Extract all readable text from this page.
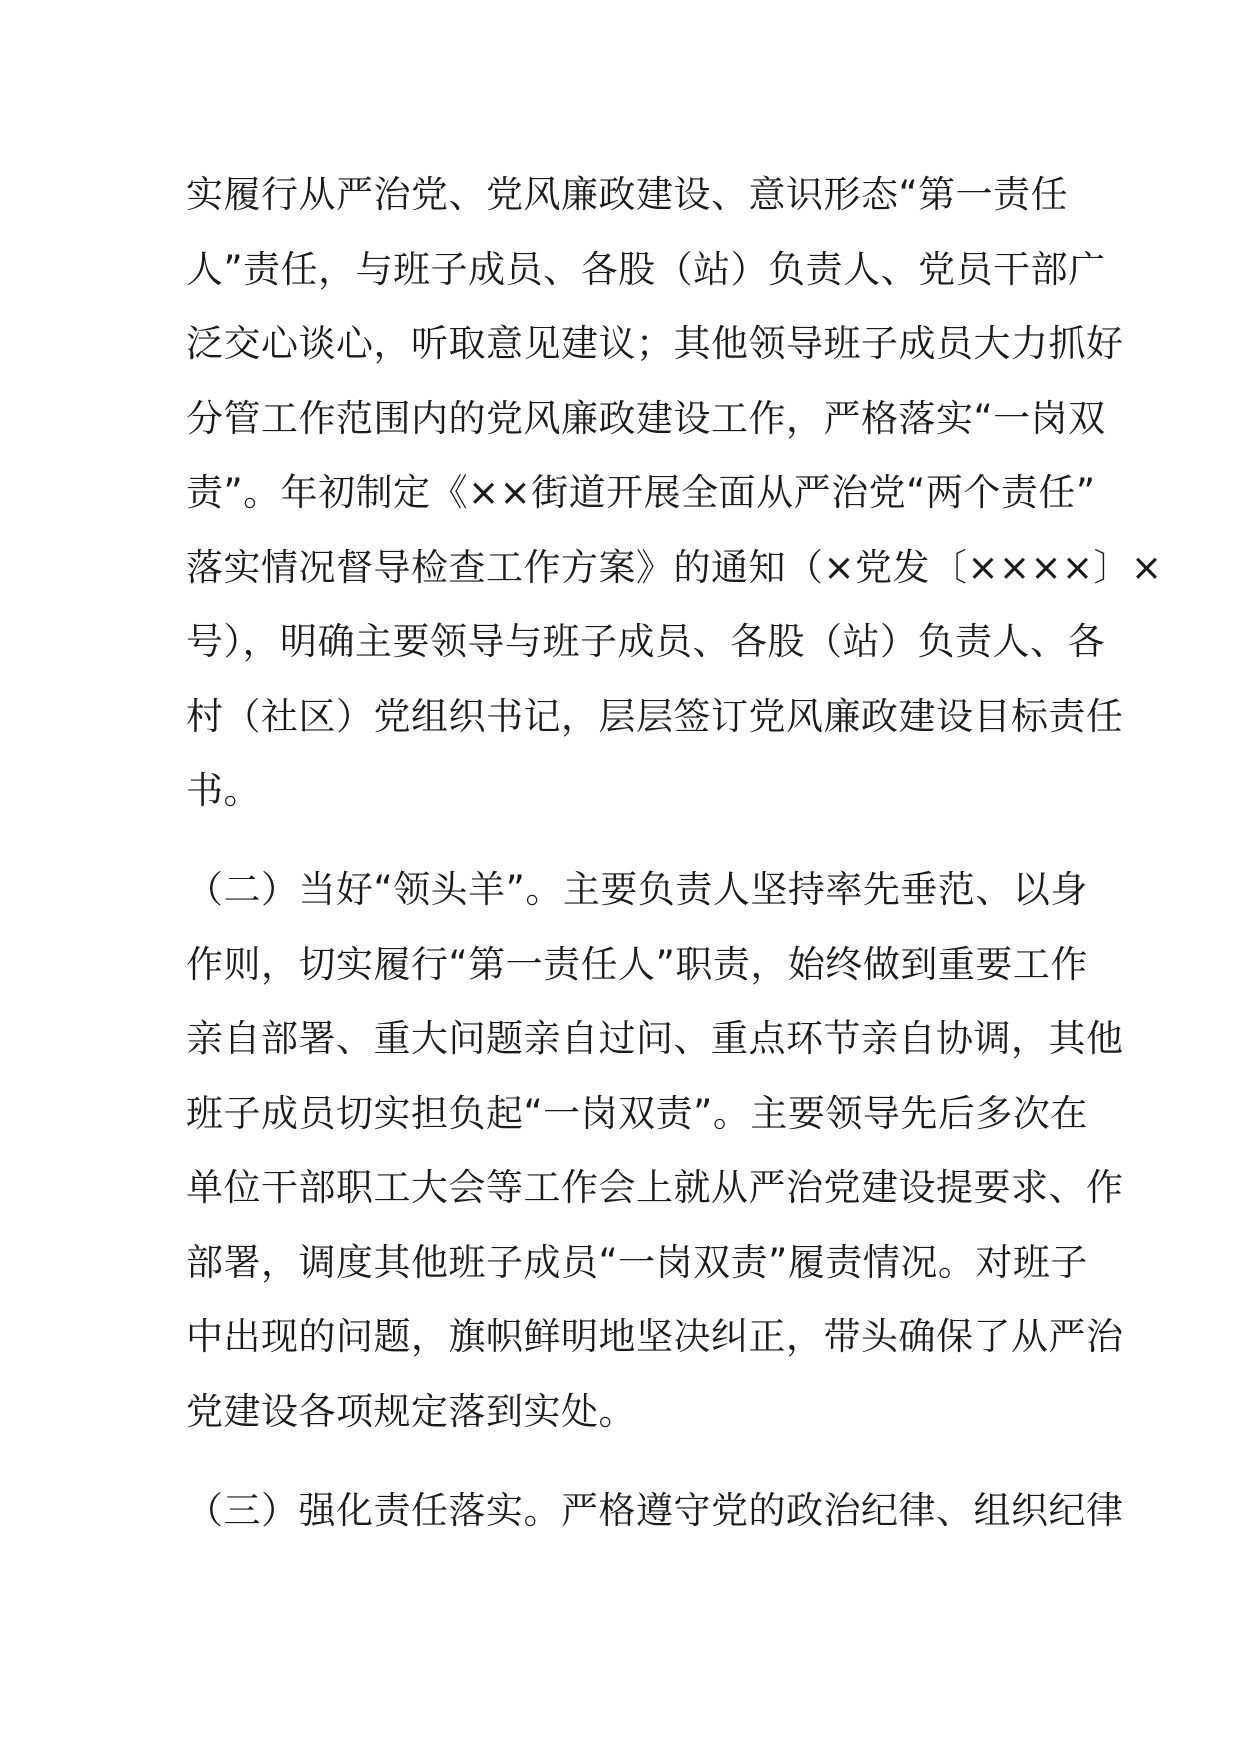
实履行从严治党、党风廉政建设、意识形态“第一责任
人”责任，与班子成员、各股（站）负责人、党员干部广
泛交心谈心，听取意见建议；其他领导班子成员大力抓好
分管工作范围内的党风廉政建设工作，严格落实“一岗双
责”。年初制定《××街道开展全面从严治党“两个责任”
落实情况督导检查工作方案》的通知（×党发〔××××〕×
号），明确主要领导与班子成员、各股（站）负责人、各
村（社区）党组织书记，层层签订党风廉政建设目标责任
书。
（二）当好“领头羊”。主要负责人坚持率先垂范、以身
作则，切实履行“第一责任人”职责，始终做到重要工作
亲自部署、重大问题亲自过问、重点环节亲自协调，其他
班子成员切实担负起“一岗双责”。主要领导先后多次在
单位干部职工大会等工作会上就从严治党建设提要求、作
部署，调度其他班子成员“一岗双责”履责情况。对班子
中出现的问题，旗帜鲜明地坚决纠正，带头确保了从严治
党建设各项规定落到实处。
（三）强化责任落实。严格遵守党的政治纪律、组织纪律
